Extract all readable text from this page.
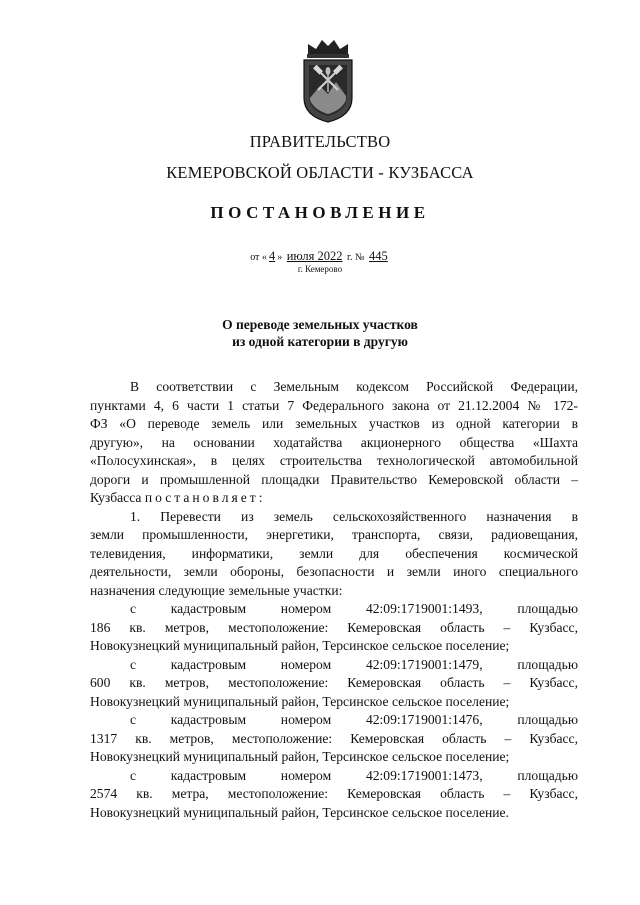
ПРАВИТЕЛЬСТВО
КЕМЕРОВСКОЙ ОБЛАСТИ - КУЗБАССА
ПОСТАНОВЛЕНИЕ
от « 4 » июля 2022 г. № 445
г. Кемерово
О переводе земельных участков
из одной категории в другую
В соответствии с Земельным кодексом Российской Федерации,
пунктами 4, 6 части 1 статьи 7 Федерального закона от 21.12.2004 № 172-
ФЗ «О переводе земель или земельных участков из одной категории в
другую», на основании ходатайства акционерного общества «Шахта
«Полосухинская», в целях строительства технологической автомобильной
дороги и промышленной площадки Правительство Кемеровской области –
Кузбасса постановляет:
1. Перевести из земель сельскохозяйственного назначения в
земли промышленности, энергетики, транспорта, связи, радиовещания,
телевидения, информатики, земли для обеспечения космической
деятельности, земли обороны, безопасности и земли иного специального
назначения следующие земельные участки:
с кадастровым номером 42:09:1719001:1493, площадью
186 кв. метров, местоположение: Кемеровская область – Кузбасс,
Новокузнецкий муниципальный район, Терсинское сельское поселение;
с кадастровым номером 42:09:1719001:1479, площадью
600 кв. метров, местоположение: Кемеровская область – Кузбасс,
Новокузнецкий муниципальный район, Терсинское сельское поселение;
с кадастровым номером 42:09:1719001:1476, площадью
1317 кв. метров, местоположение: Кемеровская область – Кузбасс,
Новокузнецкий муниципальный район, Терсинское сельское поселение;
с кадастровым номером 42:09:1719001:1473, площадью
2574 кв. метра, местоположение: Кемеровская область – Кузбасс,
Новокузнецкий муниципальный район, Терсинское сельское поселение.
